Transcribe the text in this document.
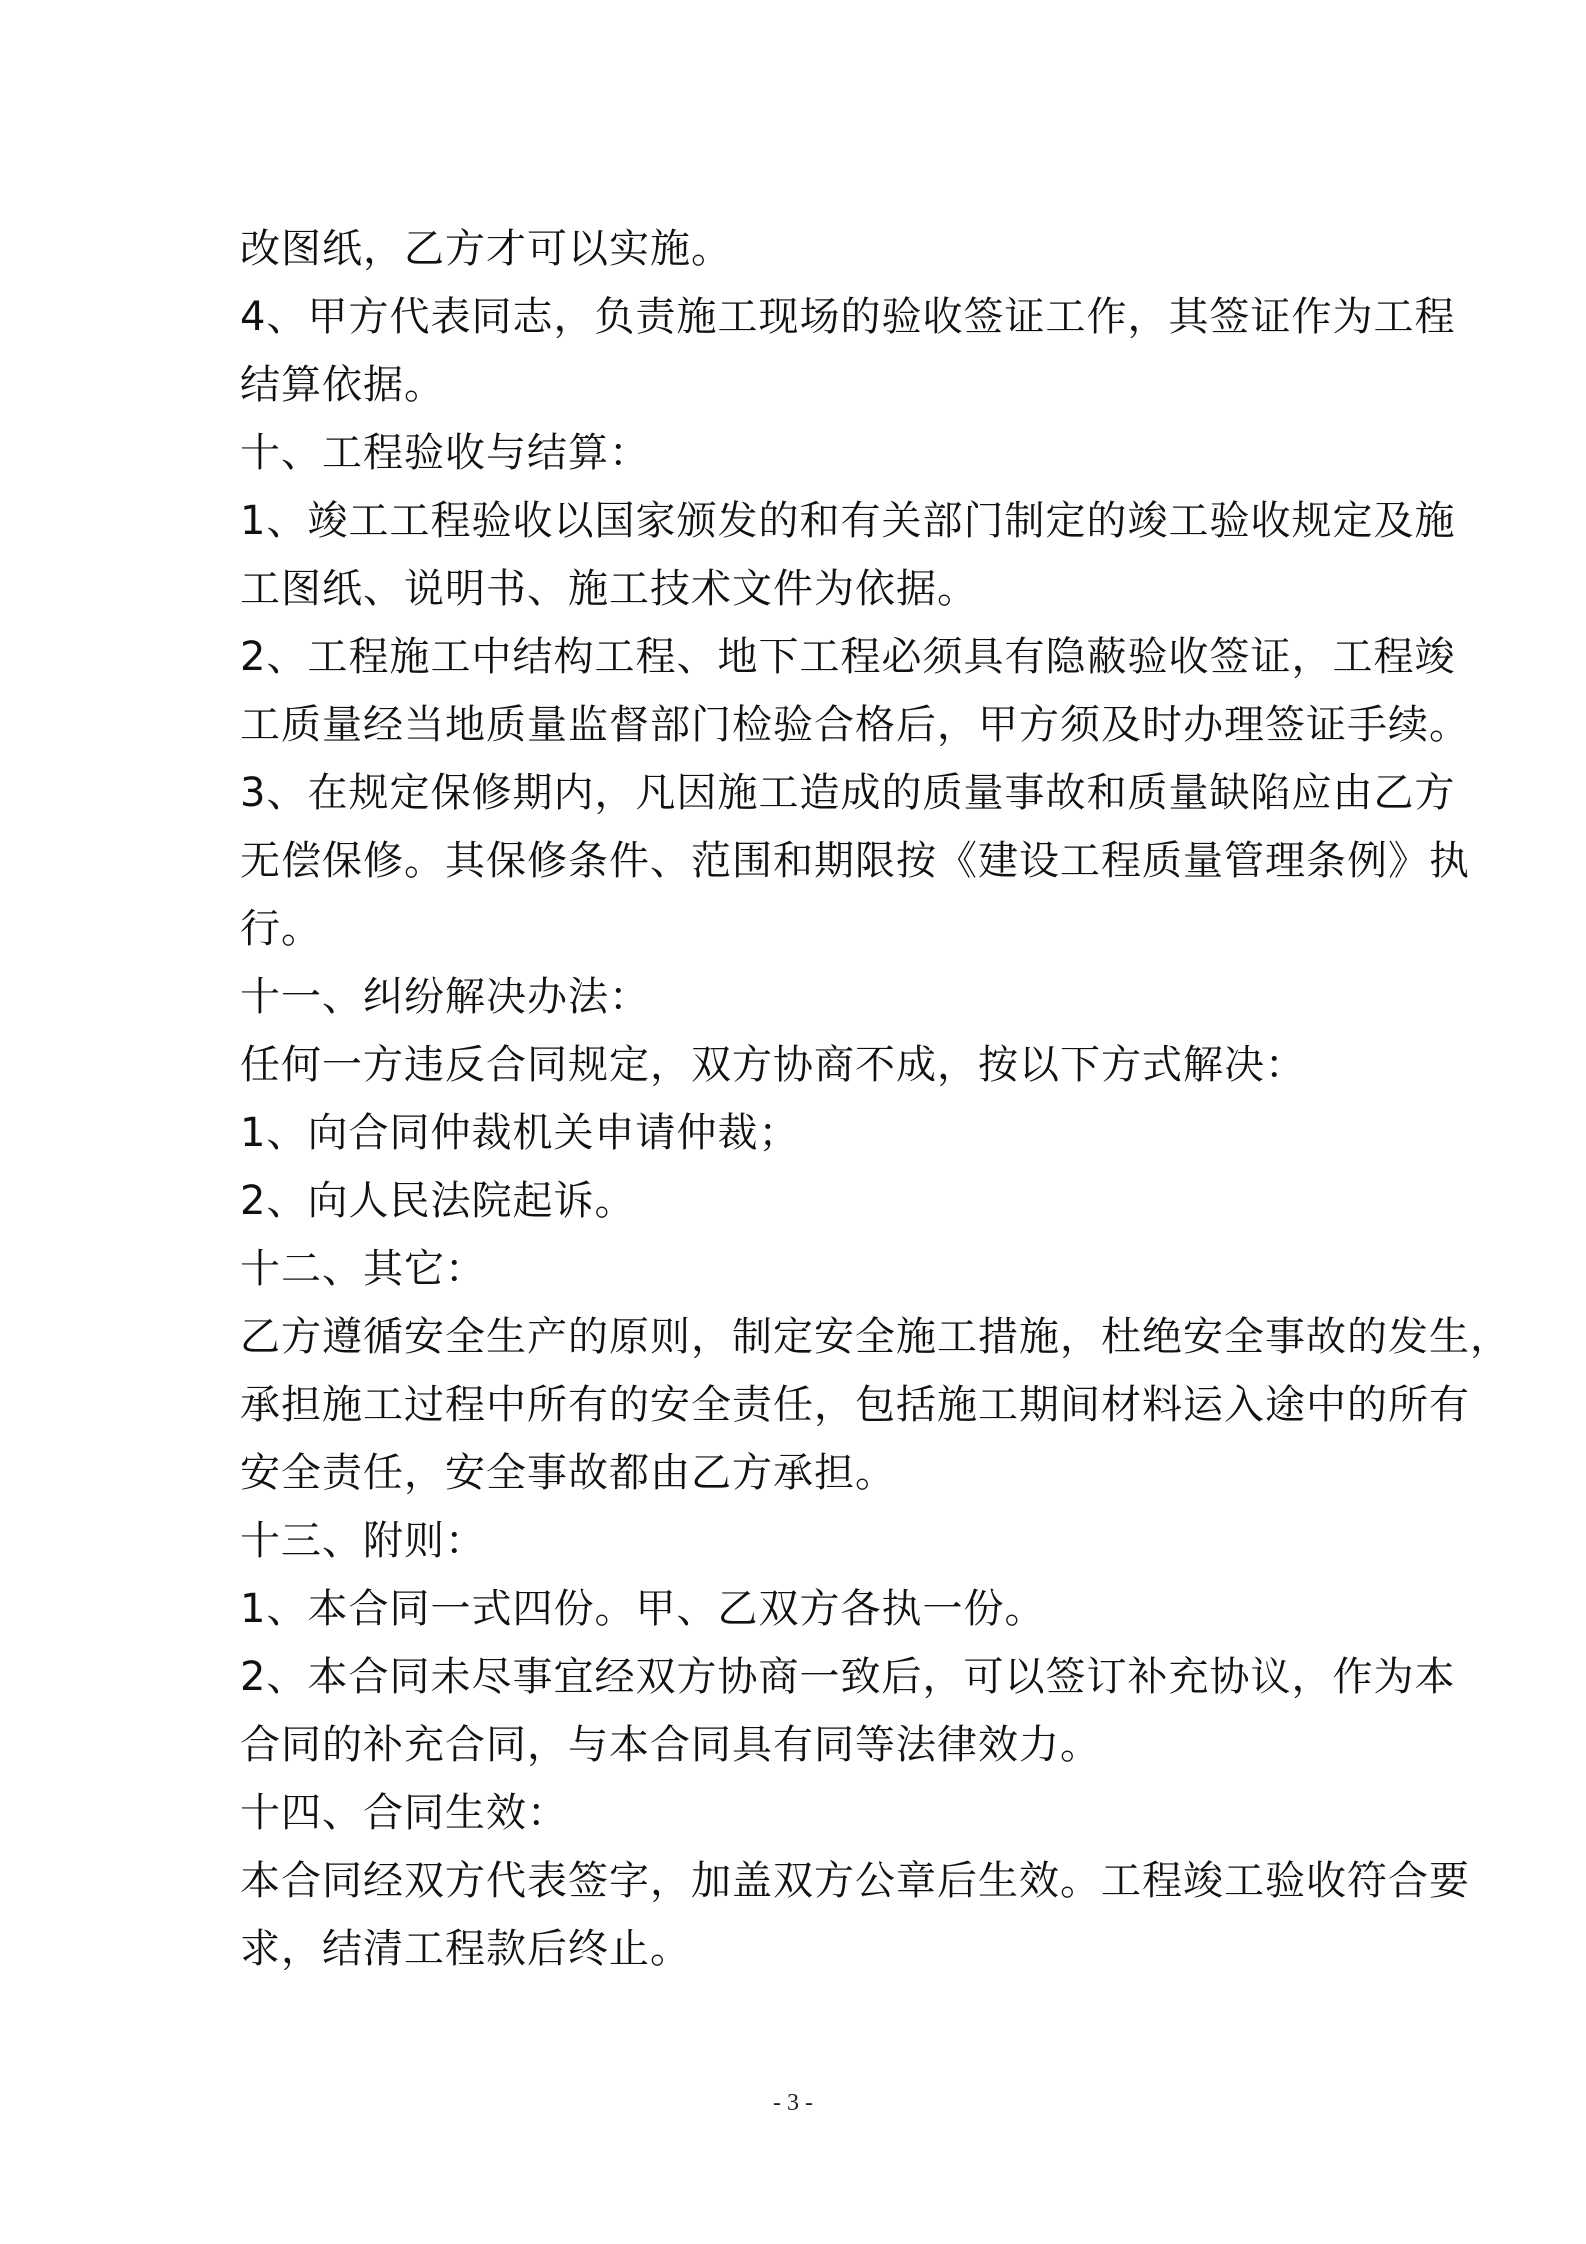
改图纸，乙方才可以实施。
4、甲方代表同志，负责施工现场的验收签证工作，其签证作为工程
结算依据。
十、工程验收与结算：
1、竣工工程验收以国家颁发的和有关部门制定的竣工验收规定及施
工图纸、说明书、施工技术文件为依据。
2、工程施工中结构工程、地下工程必须具有隐蔽验收签证，工程竣
工质量经当地质量监督部门检验合格后，甲方须及时办理签证手续。
3、在规定保修期内，凡因施工造成的质量事故和质量缺陷应由乙方
无偿保修。其保修条件、范围和期限按《建设工程质量管理条例》执
行。
十一、纠纷解决办法：
任何一方违反合同规定，双方协商不成，按以下方式解决：
1、向合同仲裁机关申请仲裁；
2、向人民法院起诉。
十二、其它：
乙方遵循安全生产的原则，制定安全施工措施，杜绝安全事故的发生，
承担施工过程中所有的安全责任，包括施工期间材料运入途中的所有
安全责任，安全事故都由乙方承担。
十三、附则：
1、本合同一式四份。甲、乙双方各执一份。
2、本合同未尽事宜经双方协商一致后，可以签订补充协议，作为本
合同的补充合同，与本合同具有同等法律效力。
十四、合同生效：
本合同经双方代表签字，加盖双方公章后生效。工程竣工验收符合要
求，结清工程款后终止。
- 3 -
